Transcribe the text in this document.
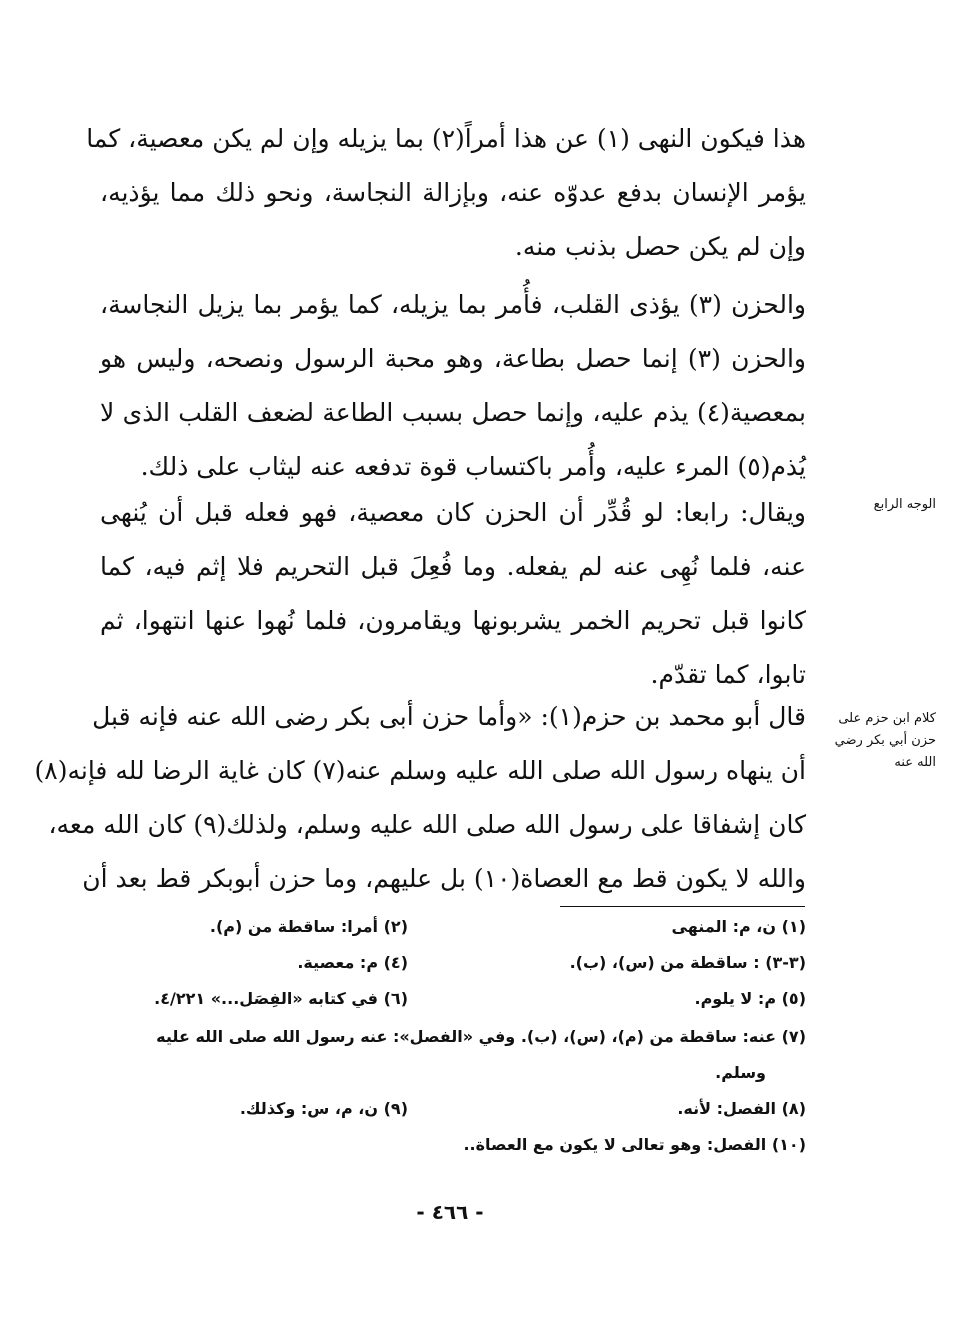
هذا فيكون النهى (١) عن هذا أمراً(٢) بما يزيله وإن لم يكن معصية، كما
يؤمر الإنسان بدفع عدوّه عنه، وبإزالة النجاسة، ونحو ذلك مما يؤذيه،
وإن لم يكن حصل بذنب منه.
والحزن (٣) يؤذى القلب، فأُمر بما يزيله، كما يؤمر بما يزيل النجاسة،
والحزن (٣) إنما حصل بطاعة، وهو محبة الرسول ونصحه، وليس هو
بمعصية(٤) يذم عليه، وإنما حصل بسبب الطاعة لضعف القلب الذى لا
يُذم(٥) المرء عليه، وأُمر باكتساب قوة تدفعه عنه ليثاب على ذلك.
ويقال: رابعا: لو قُدِّر أن الحزن كان معصية، فهو فعله قبل أن يُنهى
عنه، فلما نُهِى عنه لم يفعله. وما فُعِلَ قبل التحريم فلا إثم فيه، كما
كانوا قبل تحريم الخمر يشربونها ويقامرون، فلما نُهوا عنها انتهوا، ثم
تابوا، كما تقدّم.
قال أبو محمد بن حزم(١): «وأما حزن أبى بكر رضى الله عنه فإنه قبل
أن ينهاه رسول الله صلى الله عليه وسلم عنه(٧) كان غاية الرضا لله فإنه(٨)
كان إشفاقا على رسول الله صلى الله عليه وسلم، ولذلك(٩) كان الله معه،
والله لا يكون قط مع العصاة(١٠) بل عليهم، وما حزن أبوبكر قط بعد أن
الوجه الرابع
كلام ابن حزم على حزن أبي بكر رضي الله عنه
(١) ن، م: المنهى
(٢) أمرا: ساقطة من (م).
(٣-٣) : ساقطة من (س)، (ب).
(٤) م: معصية.
(٥) م: لا يلوم.
(٦) في كتابه «الفِصَل...» ٤/٢٢١.
(٧) عنه: ساقطة من (م)، (س)، (ب). وفي «الفصل»: عنه رسول الله صلى الله عليه
وسلم.
(٨) الفصل: لأنه.
(٩) ن، م، س: وكذلك.
(١٠) الفصل: وهو تعالى لا يكون مع العصاة..
- ٤٦٦ -
